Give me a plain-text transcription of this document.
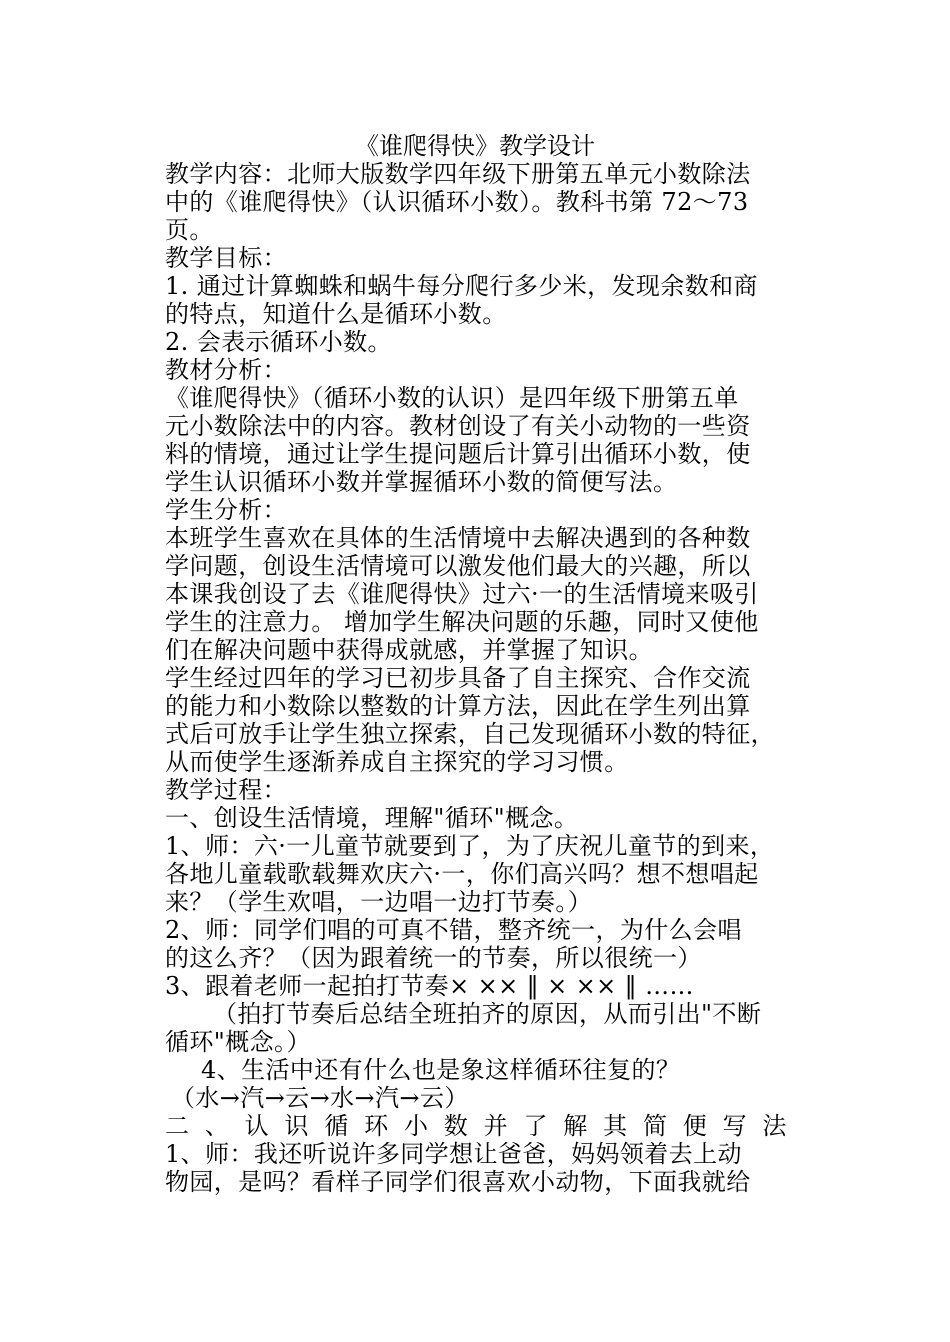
《谁爬得快》教学设计
教学内容：北师大版数学四年级下册第五单元小数除法
中的《谁爬得快》（认识循环小数）。教科书第 72～73
页。
教学目标：
1. 通过计算蜘蛛和蜗牛每分爬行多少米，发现余数和商
的特点，知道什么是循环小数。
2. 会表示循环小数。
教材分析：
《谁爬得快》（循环小数的认识）是四年级下册第五单
元小数除法中的内容。教材创设了有关小动物的一些资
料的情境，通过让学生提问题后计算引出循环小数，使
学生认识循环小数并掌握循环小数的简便写法。
学生分析：
本班学生喜欢在具体的生活情境中去解决遇到的各种数
学问题，创设生活情境可以激发他们最大的兴趣，所以
本课我创设了去《谁爬得快》过六·一的生活情境来吸引
学生的注意力。 增加学生解决问题的乐趣，同时又使他
们在解决问题中获得成就感，并掌握了知识。
学生经过四年的学习已初步具备了自主探究、合作交流
的能力和小数除以整数的计算方法，因此在学生列出算
式后可放手让学生独立探索，自己发现循环小数的特征，
从而使学生逐渐养成自主探究的学习习惯。
教学过程：
一、创设生活情境，理解"循环"概念。
1、师：六·一儿童节就要到了，为了庆祝儿童节的到来，
各地儿童载歌载舞欢庆六·一，你们高兴吗？想不想唱起
来？（学生欢唱，一边唱一边打节奏。）
2、师：同学们唱的可真不错，整齐统一，为什么会唱
的这么齐？（因为跟着统一的节奏，所以很统一）
3、跟着老师一起拍打节奏× ×× ‖ × ×× ‖ ……
（拍打节奏后总结全班拍齐的原因，从而引出"不断
循环"概念。）
4、生活中还有什么也是象这样循环往复的？
（水→汽→云→水→汽→云）
二 、 认 识 循 环 小 数 并 了 解 其 简 便 写 法
1、师：我还听说许多同学想让爸爸，妈妈领着去上动
物园，是吗？看样子同学们很喜欢小动物，下面我就给
